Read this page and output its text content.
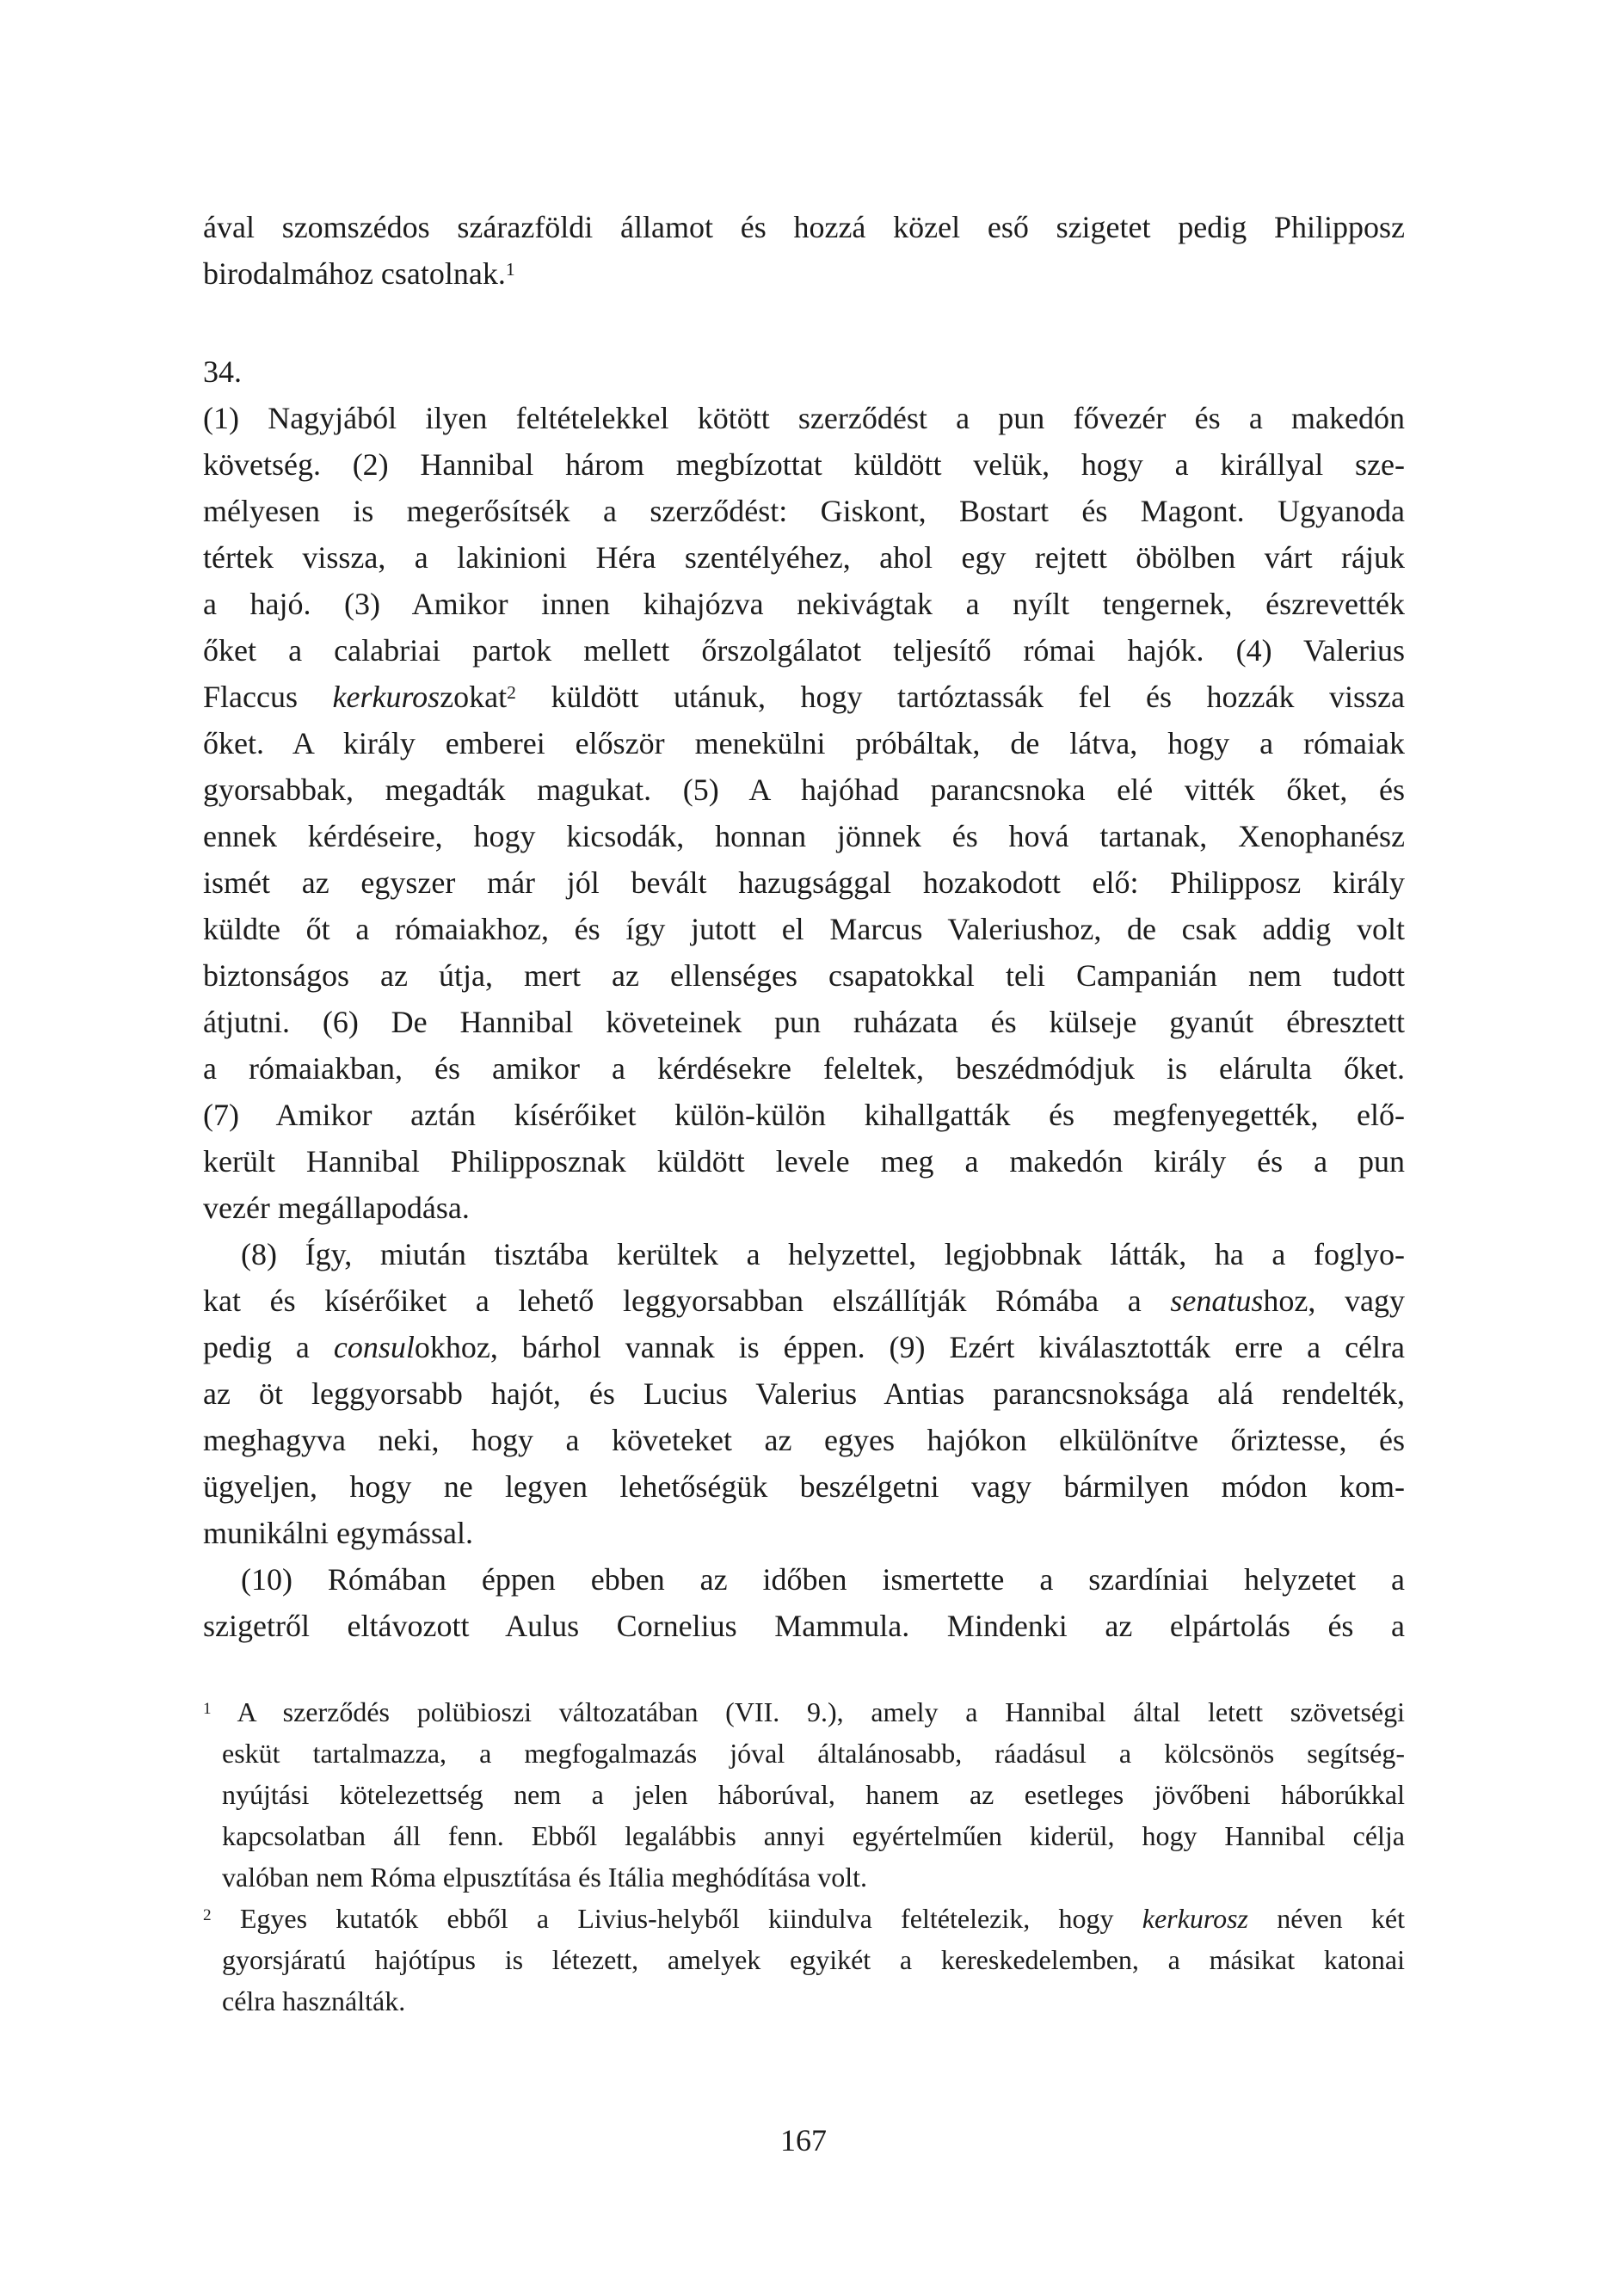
ával szomszédos szárazföldi államot és hozzá közel eső szigetet pedig Philipposz
birodalmához csatolnak.$^1$
34.
(1) Nagyjából ilyen feltételekkel kötött szerződést a pun fővezér és a makedón
követség. (2) Hannibal három megbízottat küldött velük, hogy a királlyal sze-
mélyesen is megerősítsék a szerződést: Giskont, Bostart és Magont. Ugyanoda
tértek vissza, a lakinioni Héra szentélyéhez, ahol egy rejtett öbölben várt rájuk
a hajó. (3) Amikor innen kihajózva nekivágtak a nyílt tengernek, észrevették
őket a calabriai partok mellett őrszolgálatot teljesítő római hajók. (4) Valerius
Flaccus kerkuroszokat$^2$ küldött utánuk, hogy tartóztassák fel és hozzák vissza
őket. A király emberei először menekülni próbáltak, de látva, hogy a rómaiak
gyorsabbak, megadták magukat. (5) A hajóhad parancsnoka elé vitték őket, és
ennek kérdéseire, hogy kicsodák, honnan jönnek és hová tartanak, Xenophanész
ismét az egyszer már jól bevált hazugsággal hozakodott elő: Philipposz király
küldte őt a rómaiakhoz, és így jutott el Marcus Valeriushoz, de csak addig volt
biztonságos az útja, mert az ellenséges csapatokkal teli Campanián nem tudott
átjutni. (6) De Hannibal követeinek pun ruházata és külseje gyanút ébresztett
a rómaiakban, és amikor a kérdésekre feleltek, beszédmódjuk is elárulta őket.
(7) Amikor aztán kísérőiket külön-külön kihallgatták és megfenyegették, elő-
került Hannibal Philipposznak küldött levele meg a makedón király és a pun
vezér megállapodása.
(8) Így, miután tisztába kerültek a helyzettel, legjobbnak látták, ha a foglyo-
kat és kísérőiket a lehető leggyorsabban elszállítják Rómába a senatushoz, vagy
pedig a consulokhoz, bárhol vannak is éppen. (9) Ezért kiválasztották erre a célra
az öt leggyorsabb hajót, és Lucius Valerius Antias parancsnoksága alá rendelték,
meghagyva neki, hogy a követeket az egyes hajókon elkülönítve őriztesse, és
ügyeljen, hogy ne legyen lehetőségük beszélgetni vagy bármilyen módon kom-
munikálni egymással.
(10) Rómában éppen ebben az időben ismertette a szardíniai helyzetet a
szigetről eltávozott Aulus Cornelius Mammula. Mindenki az elpártolás és a
$^1$ A szerződés polübioszi változatában (VII. 9.), amely a Hannibal által letett szövetségi
esküt tartalmazza, a megfogalmazás jóval általánosabb, ráadásul a kölcsönös segítség-
nyújtási kötelezettség nem a jelen háborúval, hanem az esetleges jövőbeni háborúkkal
kapcsolatban áll fenn. Ebből legalábbis annyi egyértelműen kiderül, hogy Hannibal célja
valóban nem Róma elpusztítása és Itália meghódítása volt.
$^2$ Egyes kutatók ebből a Livius-helyből kiindulva feltételezik, hogy kerkurosz néven két
gyorsjáratú hajótípus is létezett, amelyek egyikét a kereskedelemben, a másikat katonai
célra használták.
167
